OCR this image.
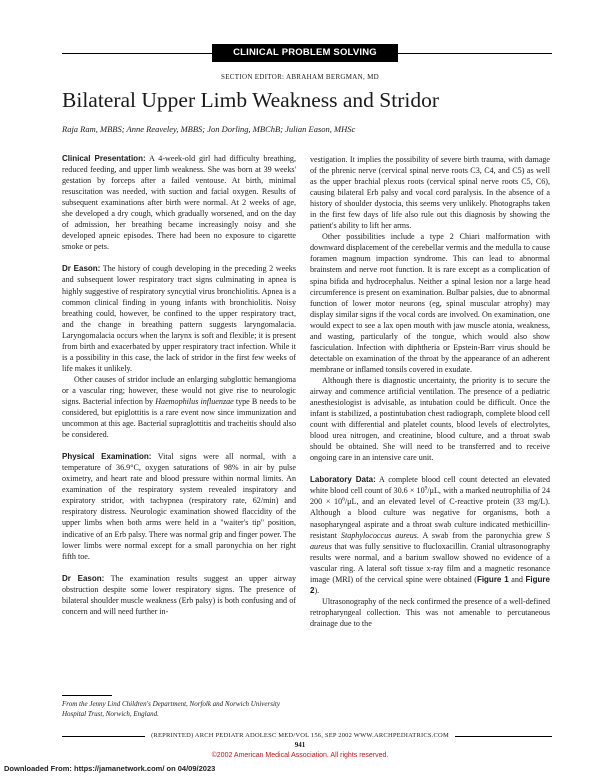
CLINICAL PROBLEM SOLVING
SECTION EDITOR: ABRAHAM BERGMAN, MD
Bilateral Upper Limb Weakness and Stridor
Raja Ram, MBBS; Anne Reaveley, MBBS; Jon Dorling, MBChB; Julian Eason, MHSc

Clinical Presentation: A 4-week-old girl had difficulty breathing, reduced feeding, and upper limb weakness. She was born at 39 weeks' gestation by forceps after a failed ventouse. At birth, minimal resuscitation was needed, with suction and facial oxygen. Results of subsequent examinations after birth were normal. At 2 weeks of age, she developed a dry cough, which gradually worsened, and on the day of admission, her breathing became increasingly noisy and she developed apneic episodes. There had been no exposure to cigarette smoke or pets.

Dr Eason: The history of cough developing in the preceding 2 weeks and subsequent lower respiratory tract signs culminating in apnea is highly suggestive of respiratory syncytial virus bronchiolitis. Apnea is a common clinical finding in young infants with bronchiolitis. Noisy breathing could, however, be confined to the upper respiratory tract, and the change in breathing pattern suggests laryngomalacia. Laryngomalacia occurs when the larynx is soft and flexible; it is present from birth and exacerbated by upper respiratory tract infection. While it is a possibility in this case, the lack of stridor in the first few weeks of life makes it unlikely.

Other causes of stridor include an enlarging subglottic hemangioma or a vascular ring; however, these would not give rise to neurologic signs. Bacterial infection by Haemophilus influenzae type B needs to be considered, but epiglottitis is a rare event now since immunization and uncommon at this age. Bacterial supraglottitis and tracheitis should also be considered.

Physical Examination: Vital signs were all normal, with a temperature of 36.9°C, oxygen saturations of 98% in air by pulse oximetry, and heart rate and blood pressure within normal limits. An examination of the respiratory system revealed inspiratory and expiratory stridor, with tachypnea (respiratory rate, 62/min) and respiratory distress. Neurologic examination showed flaccidity of the upper limbs when both arms were held in a "waiter's tip" position, indicative of an Erb palsy. There was normal grip and finger power. The lower limbs were normal except for a small paronychia on her right fifth toe.

Dr Eason: The examination results suggest an upper airway obstruction despite some lower respiratory signs. The presence of bilateral shoulder muscle weakness (Erb palsy) is both confusing and of concern and will need further in-

From the Jenny Lind Children's Department, Norfolk and Norwich University Hospital Trust, Norwich, England.

vestigation. It implies the possibility of severe birth trauma, with damage of the phrenic nerve (cervical spinal nerve roots C3, C4, and C5) as well as the upper brachial plexus roots (cervical spinal nerve roots C5, C6), causing bilateral Erb palsy and vocal cord paralysis. In the absence of a history of shoulder dystocia, this seems very unlikely. Photographs taken in the first few days of life also rule out this diagnosis by showing the patient's ability to lift her arms.

Other possibilities include a type 2 Chiari malformation with downward displacement of the cerebellar vermis and the medulla to cause foramen magnum impaction syndrome. This can lead to abnormal brainstem and nerve root function. It is rare except as a complication of spina bifida and hydrocephalus. Neither a spinal lesion nor a large head circumference is present on examination. Bulbar palsies, due to abnormal function of lower motor neurons (eg, spinal muscular atrophy) may display similar signs if the vocal cords are involved. On examination, one would expect to see a lax open mouth with jaw muscle atonia, weakness, and wasting, particularly of the tongue, which would also show fasciculation. Infection with diphtheria or Epstein-Barr virus should be detectable on examination of the throat by the appearance of an adherent membrane or inflamed tonsils covered in exudate.

Although there is diagnostic uncertainty, the priority is to secure the airway and commence artificial ventilation. The presence of a pediatric anesthesiologist is advisable, as intubation could be difficult. Once the infant is stabilized, a postintubation chest radiograph, complete blood cell count with differential and platelet counts, blood levels of electrolytes, blood urea nitrogen, and creatinine, blood culture, and a throat swab should be obtained. She will need to be transferred and to receive ongoing care in an intensive care unit.

Laboratory Data: A complete blood cell count detected an elevated white blood cell count of $30.6 \times 10^9/\mu L$, with a marked neutrophilia of 24 $200 \times 10^6/\mu L$, and an elevated level of C-reactive protein (33 mg/L). Although a blood culture was negative for organisms, both a nasopharyngeal aspirate and a throat swab culture indicated methicillin-resistant Staphylococcus aureus. A swab from the paronychia grew S aureus that was fully sensitive to flucloxacillin. Cranial ultrasonography results were normal, and a barium swallow showed no evidence of a vascular ring. A lateral soft tissue x-ray film and a magnetic resonance image (MRI) of the cervical spine were obtained (Figure 1 and Figure 2).

Ultrasonography of the neck confirmed the presence of a well-defined retropharyngeal collection. This was not amenable to percutaneous drainage due to the

(REPRINTED) ARCH PEDIATR ADOLESC MED/VOL 156, SEP 2002 WWW.ARCHPEDIATRICS.COM
941
©2002 American Medical Association. All rights reserved.
Downloaded From: https://jamanetwork.com/ on 04/09/2023
